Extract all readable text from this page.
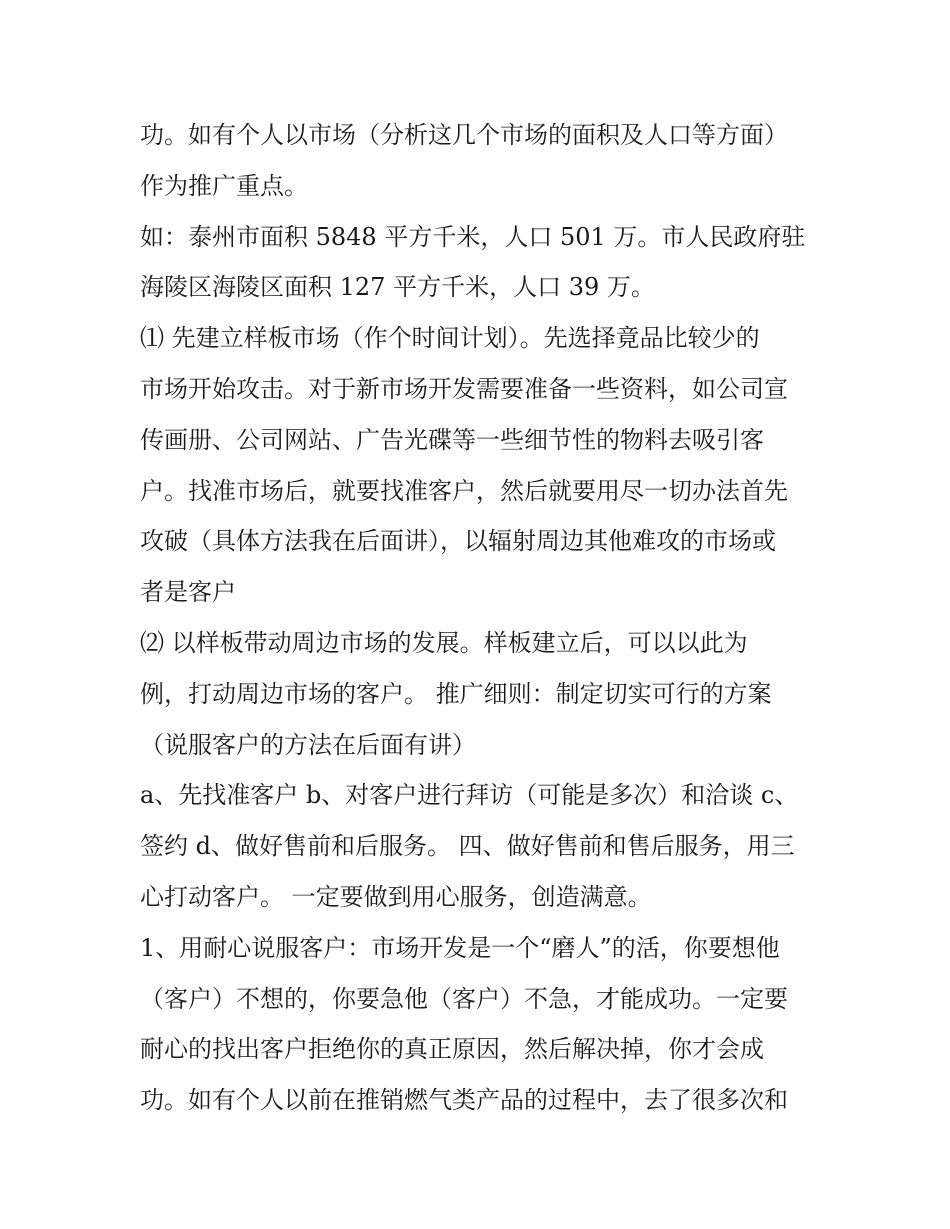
功。如有个人以市场（分析这几个市场的面积及人口等方面）
作为推广重点。
如：泰州市面积 5848 平方千米，人口 501 万。市人民政府驻
海陵区海陵区面积 127 平方千米，人口 39 万。
⑴ 先建立样板市场（作个时间计划）。先选择竟品比较少的
市场开始攻击。对于新市场开发需要准备一些资料，如公司宣
传画册、公司网站、广告光碟等一些细节性的物料去吸引客
户。找准市场后，就要找准客户，然后就要用尽一切办法首先
攻破（具体方法我在后面讲），以辐射周边其他难攻的市场或
者是客户
⑵ 以样板带动周边市场的发展。样板建立后，可以以此为
例，打动周边市场的客户。 推广细则：制定切实可行的方案
（说服客户的方法在后面有讲）
a、先找准客户 b、对客户进行拜访（可能是多次）和洽谈 c、
签约 d、做好售前和后服务。 四、做好售前和售后服务，用三
心打动客户。 一定要做到用心服务，创造满意。
1、用耐心说服客户：市场开发是一个“磨人”的活，你要想他
（客户）不想的，你要急他（客户）不急，才能成功。一定要
耐心的找出客户拒绝你的真正原因，然后解决掉，你才会成
功。如有个人以前在推销燃气类产品的过程中，去了很多次和
